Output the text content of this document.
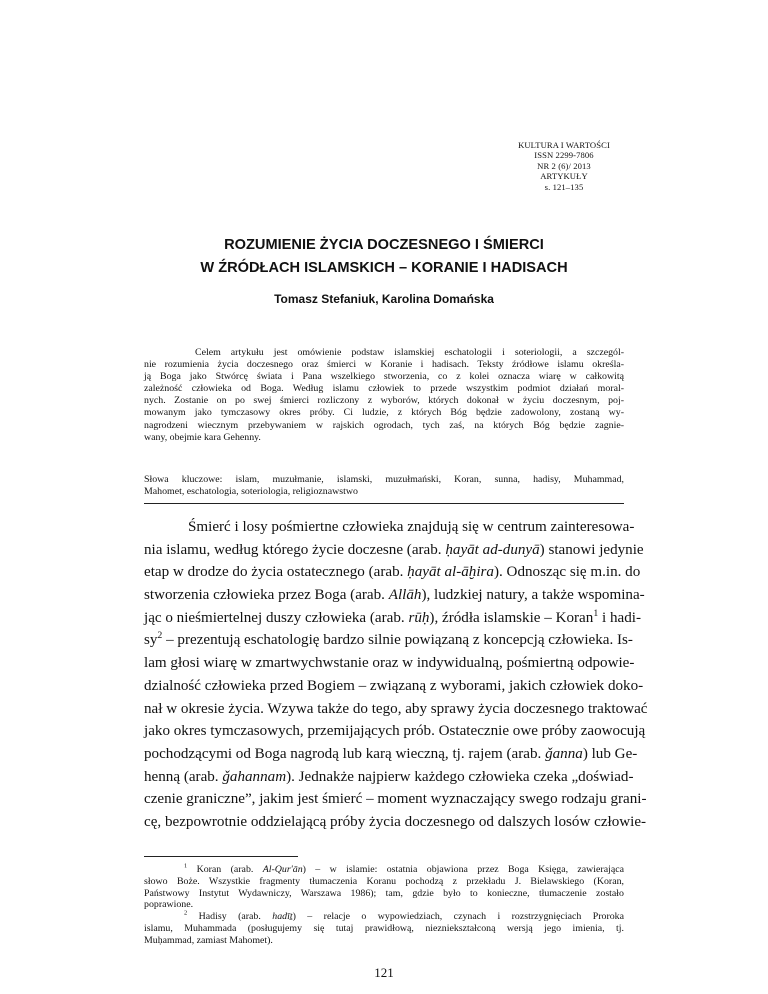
KULTURA I WARTOŚCI
ISSN 2299-7806
NR 2 (6)/ 2013
ARTYKUŁY
s. 121–135
ROZUMIENIE ŻYCIA DOCZESNEGO I ŚMIERCI
W ŹRÓDŁACH ISLAMSKICH – KORANIE I HADISACH
Tomasz Stefaniuk, Karolina Domańska
Celem artykułu jest omówienie podstaw islamskiej eschatologii i soteriologii, a szczegól-
nie rozumienia życia doczesnego oraz śmierci w Koranie i hadisach. Teksty źródłowe islamu określa-
ją Boga jako Stwórcę świata i Pana wszelkiego stworzenia, co z kolei oznacza wiarę w całkowitą
zależność człowieka od Boga. Według islamu człowiek to przede wszystkim podmiot działań moral-
nych. Zostanie on po swej śmierci rozliczony z wyborów, których dokonał w życiu doczesnym, poj-
mowanym jako tymczasowy okres próby. Ci ludzie, z których Bóg będzie zadowolony, zostaną wy-
nagrodzeni wiecznym przebywaniem w rajskich ogrodach, tych zaś, na których Bóg będzie zagnie-
wany, obejmie kara Gehenny.
Słowa kluczowe: islam, muzułmanie, islamski, muzułmański, Koran, sunna, hadisy, Muhammad,
Mahomet, eschatologia, soteriologia, religioznawstwo
Śmierć i losy pośmiertne człowieka znajdują się w centrum zainteresowa-
nia islamu, według którego życie doczesne (arab. ḥayāt ad-dunyā) stanowi jedynie
etap w drodze do życia ostatecznego (arab. ḥayāt al-āḫira). Odnosząc się m.in. do
stworzenia człowieka przez Boga (arab. Allāh), ludzkiej natury, a także wspomina-
jąc o nieśmiertelnej duszy człowieka (arab. rūḥ), źródła islamskie – Koran$^1$ i hadi-
$sy^2$ – prezentują eschatologię bardzo silnie powiązaną z koncepcją człowieka. Is-
lam głosi wiarę w zmartwychwstanie oraz w indywidualną, pośmiertną odpowie-
dzialność człowieka przed Bogiem – związaną z wyborami, jakich człowiek doko-
nał w okresie życia. Wzywa także do tego, aby sprawy życia doczesnego traktować
jako okres tymczasowych, przemijających prób. Ostatecznie owe próby zaowocują
pochodzącymi od Boga nagrodą lub karą wieczną, tj. rajem (arab. ǧanna) lub Ge-
henną (arab. ǧahannam). Jednakże najpierw każdego człowieka czeka „doświad-
czenie graniczne”, jakim jest śmierć – moment wyznaczający swego rodzaju grani-
cę, bezpowrotnie oddzielającą próby życia doczesnego od dalszych losów człowie-
$^1$ Koran (arab. Al-Qur'ān) – w islamie: ostatnia objawiona przez Boga Księga, zawierająca
słowo Boże. Wszystkie fragmenty tłumaczenia Koranu pochodzą z przekładu J. Bielawskiego (Koran,
Państwowy Instytut Wydawniczy, Warszawa 1986); tam, gdzie było to konieczne, tłumaczenie zostało
poprawione.
$^2$ Hadisy (arab. hadīṯ) – relacje o wypowiedziach, czynach i rozstrzygnięciach Proroka
islamu, Muhammada (posługujemy się tutaj prawidłową, niezniekształconą wersją jego imienia, tj.
Muḥammad, zamiast Mahomet).
121
